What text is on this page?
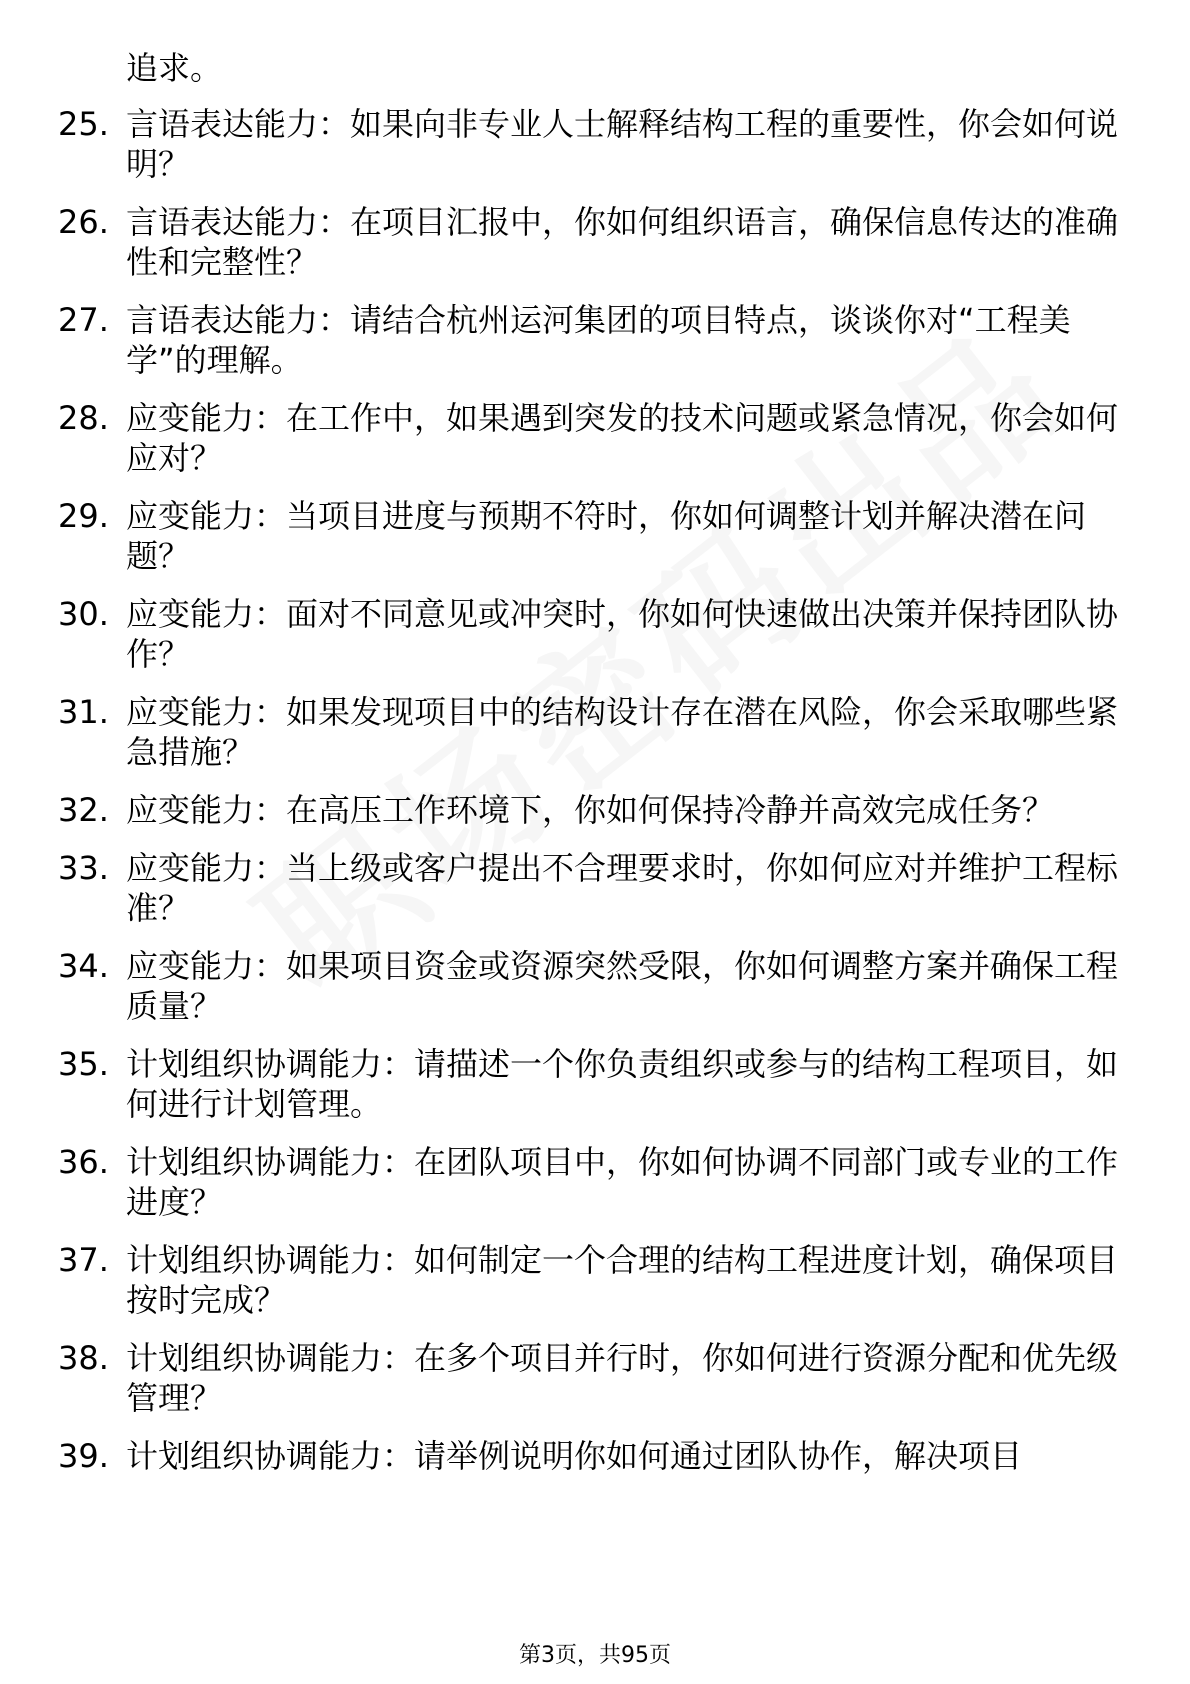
追求。
25. 言语表达能力：如果向非专业人士解释结构工程的重要性，你会如何说明？
26. 言语表达能力：在项目汇报中，你如何组织语言，确保信息传达的准确性和完整性？
27. 言语表达能力：请结合杭州运河集团的项目特点，谈谈你对“工程美学”的理解。
28. 应变能力：在工作中，如果遇到突发的技术问题或紧急情况，你会如何应对？
29. 应变能力：当项目进度与预期不符时，你如何调整计划并解决潜在问题？
30. 应变能力：面对不同意见或冲突时，你如何快速做出决策并保持团队协作？
31. 应变能力：如果发现项目中的结构设计存在潜在风险，你会采取哪些紧急措施？
32. 应变能力：在高压工作环境下，你如何保持冷静并高效完成任务？
33. 应变能力：当上级或客户提出不合理要求时，你如何应对并维护工程标准？
34. 应变能力：如果项目资金或资源突然受限，你如何调整方案并确保工程质量？
35. 计划组织协调能力：请描述一个你负责组织或参与的结构工程项目，如何进行计划管理。
36. 计划组织协调能力：在团队项目中，你如何协调不同部门或专业的工作进度？
37. 计划组织协调能力：如何制定一个合理的结构工程进度计划，确保项目按时完成？
38. 计划组织协调能力：在多个项目并行时，你如何进行资源分配和优先级管理？
39. 计划组织协调能力：请举例说明你如何通过团队协作，解决项目
第3页，共95页
